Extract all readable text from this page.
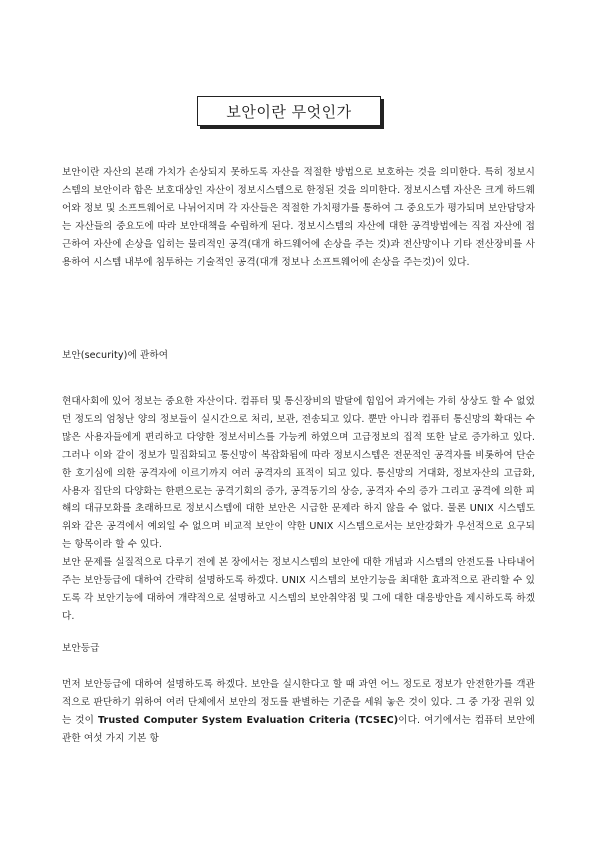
보안이란 무엇인가

보안이란 자산의 본래 가치가 손상되지 못하도록 자산을 적절한 방법으로 보호하는 것을 의미한다. 특히 정보시스템의 보안이라 함은 보호대상인 자산이 정보시스템으로 한정된 것을 의미한다. 정보시스템 자산은 크게 하드웨어와 정보 및 소프트웨어로 나뉘어지며 각 자산들은 적절한 가치평가를 통하여 그 중요도가 평가되며 보안담당자는 자산들의 중요도에 따라 보안대책을 수립하게 된다. 정보시스템의 자산에 대한 공격방법에는 직접 자산에 접근하여 자산에 손상을 입히는 물리적인 공격(대개 하드웨어에 손상을 주는 것)과 전산망이나 기타 전산장비를 사용하여 시스템 내부에 침투하는 기술적인 공격(대개 정보나 소프트웨어에 손상을 주는것)이 있다.

보안(security)에 관하여

현대사회에 있어 정보는 중요한 자산이다. 컴퓨터 및 통신장비의 발달에 힘입어 과거에는 가히 상상도 할 수 없었던 정도의 엄청난 양의 정보들이 실시간으로 처리, 보관, 전송되고 있다. 뿐만 아니라 컴퓨터 통신망의 확대는 수많은 사용자들에게 편리하고 다양한 정보서비스를 가능케 하였으며 고급정보의 집적 또한 날로 증가하고 있다. 그러나 이와 같이 정보가 밀집화되고 통신망이 복잡화됨에 따라 정보시스템은 전문적인 공격자를 비롯하여 단순한 호기심에 의한 공격자에 이르기까지 여러 공격자의 표적이 되고 있다. 통신망의 거대화, 정보자산의 고급화, 사용자 집단의 다양화는 한편으로는 공격기회의 증가, 공격동기의 상승, 공격자 수의 증가 그리고 공격에 의한 피해의 대규모화를 초래하므로 정보시스템에 대한 보안은 시급한 문제라 하지 않을 수 없다. 물론 UNIX 시스템도 위와 같은 공격에서 예외일 수 없으며 비교적 보안이 약한 UNIX 시스템으로서는 보안강화가 우선적으로 요구되는 항목이라 할 수 있다.
보안 문제를 실질적으로 다루기 전에 본 장에서는 정보시스템의 보안에 대한 개념과 시스템의 안전도를 나타내어 주는 보안등급에 대하여 간략히 설명하도록 하겠다. UNIX 시스템의 보안기능을 최대한 효과적으로 관리할 수 있도록 각 보안기능에 대하여 개략적으로 설명하고 시스템의 보안취약점 및 그에 대한 대응방안을 제시하도록 하겠다.

보안등급

먼저 보안등급에 대하여 설명하도록 하겠다. 보안을 실시한다고 할 때 과연 어느 정도로 정보가 안전한가를 객관적으로 판단하기 위하여 여러 단체에서 보안의 정도를 판별하는 기준을 세워 놓은 것이 있다. 그 중 가장 권위 있는 것이 Trusted Computer System Evaluation Criteria (TCSEC)이다. 여기에서는 컴퓨터 보안에 관한 여섯 가지 기본 항
